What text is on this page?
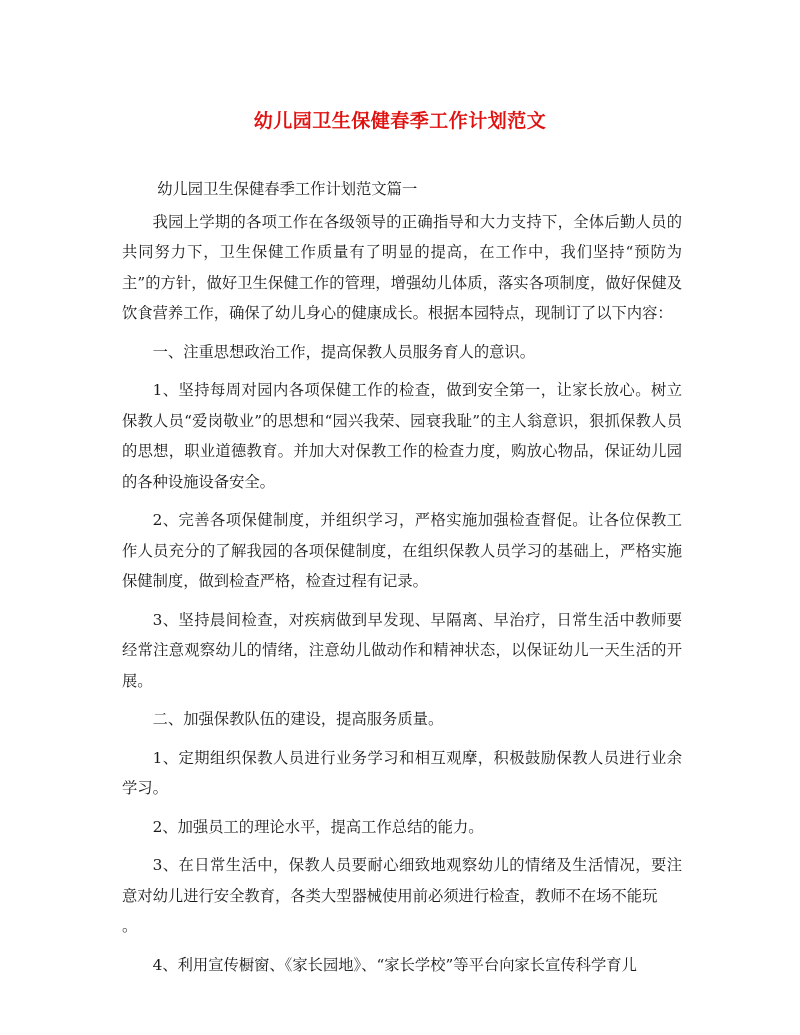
幼儿园卫生保健春季工作计划范文

幼儿园卫生保健春季工作计划范文篇一

我园上学期的各项工作在各级领导的正确指导和大力支持下，全体后勤人员的共同努力下，卫生保健工作质量有了明显的提高，在工作中，我们坚持“预防为主”的方针，做好卫生保健工作的管理，增强幼儿体质，落实各项制度，做好保健及饮食营养工作，确保了幼儿身心的健康成长。根据本园特点，现制订了以下内容：

一、注重思想政治工作，提高保教人员服务育人的意识。

1、坚持每周对园内各项保健工作的检查，做到安全第一，让家长放心。树立保教人员“爱岗敬业”的思想和“园兴我荣、园衰我耻”的主人翁意识，狠抓保教人员的思想，职业道德教育。并加大对保教工作的检查力度，购放心物品，保证幼儿园的各种设施设备安全。

2、完善各项保健制度，并组织学习，严格实施加强检查督促。让各位保教工作人员充分的了解我园的各项保健制度，在组织保教人员学习的基础上，严格实施保健制度，做到检查严格，检查过程有记录。

3、坚持晨间检查，对疾病做到早发现、早隔离、早治疗，日常生活中教师要经常注意观察幼儿的情绪，注意幼儿做动作和精神状态，以保证幼儿一天生活的开展。

二、加强保教队伍的建设，提高服务质量。

1、定期组织保教人员进行业务学习和相互观摩，积极鼓励保教人员进行业余学习。

2、加强员工的理论水平，提高工作总结的能力。

3、在日常生活中，保教人员要耐心细致地观察幼儿的情绪及生活情况，要注意对幼儿进行安全教育，各类大型器械使用前必须进行检查，教师不在场不能玩

。

4、利用宣传橱窗、《家长园地》、“家长学校”等平台向家长宣传科学育儿
